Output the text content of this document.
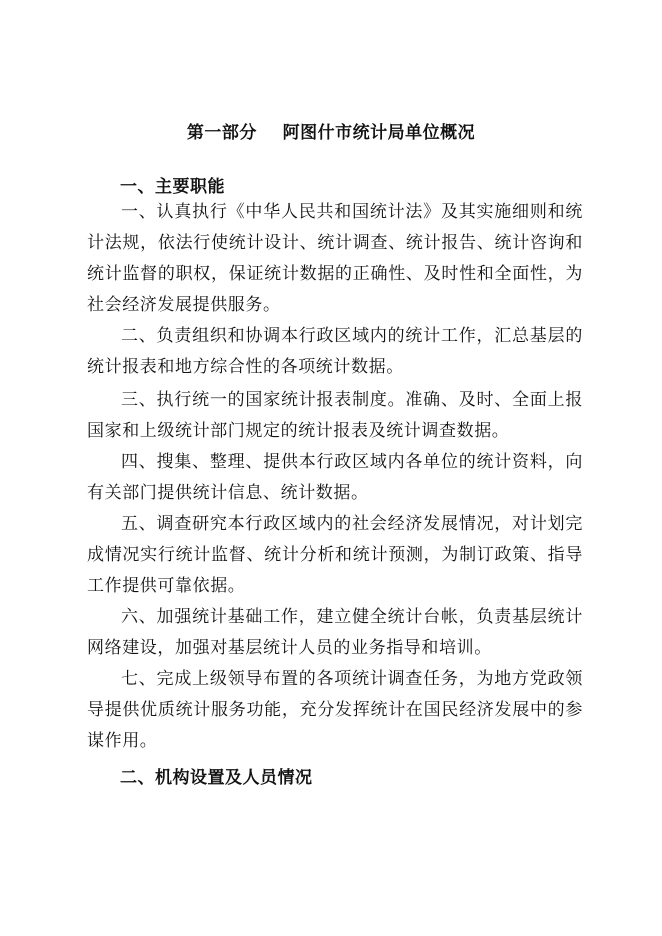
第一部分    阿图什市统计局单位概况
一、主要职能

一、认真执行《中华人民共和国统计法》及其实施细则和统计法规，依法行使统计设计、统计调查、统计报告、统计咨询和统计监督的职权，保证统计数据的正确性、及时性和全面性，为社会经济发展提供服务。

二、负责组织和协调本行政区域内的统计工作，汇总基层的统计报表和地方综合性的各项统计数据。

三、执行统一的国家统计报表制度。准确、及时、全面上报国家和上级统计部门规定的统计报表及统计调查数据。

四、搜集、整理、提供本行政区域内各单位的统计资料，向有关部门提供统计信息、统计数据。

五、调查研究本行政区域内的社会经济发展情况，对计划完成情况实行统计监督、统计分析和统计预测，为制订政策、指导工作提供可靠依据。

六、加强统计基础工作，建立健全统计台帐，负责基层统计网络建设，加强对基层统计人员的业务指导和培训。

七、完成上级领导布置的各项统计调查任务，为地方党政领导提供优质统计服务功能，充分发挥统计在国民经济发展中的参谋作用。

二、机构设置及人员情况
